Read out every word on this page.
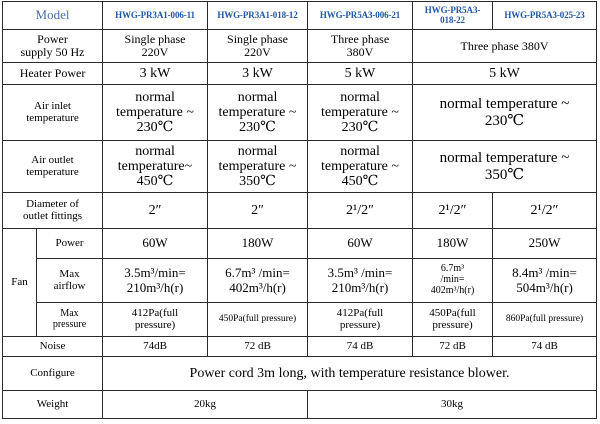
Model		HWG-PR3A1-006-11	HWG-PR3A1-018-12	HWG-PR5A3-006-21	HWG-PR5A3-
018-22	HWG-PR5A3-025-23
Power
supply 50 Hz		Single phase
220V	Single phase
220V	Three phase
380V	Three phase 380V	
Heater Power		3 kW	3 kW	5 kW	5 kW	
Air inlet
temperature		normal
temperature ~
230℃	normal
temperature ~
230℃	normal
temperature ~
230℃	normal temperature ~
230℃	
Air outlet
temperature		normal
temperature~
450℃	normal
temperature ~
350℃	normal
temperature ~
450℃	normal temperature ~
350℃	
Diameter of
outlet fittings		2″	2″	2¹/2″	2¹/2″	2¹/2″
Fan	Power	60W	180W	60W	180W	250W
	Max
airflow	3.5m³/min=
210m³/h(r)	6.7m³ /min=
402m³/h(r)	3.5m³ /min=
210m³/h(r)	6.7m³
/min=
402m³/h(r)	8.4m³ /min=
504m³/h(r)
	Max
pressure	412Pa(full
pressure)	450Pa(full pressure)	412Pa(full
pressure)	450Pa(full
pressure)	860Pa(full pressure)
Noise		74dB	72 dB	74 dB	72 dB	74 dB
Configure		Power cord 3m long, with temperature resistance blower.				
Weight		20kg		30kg		
